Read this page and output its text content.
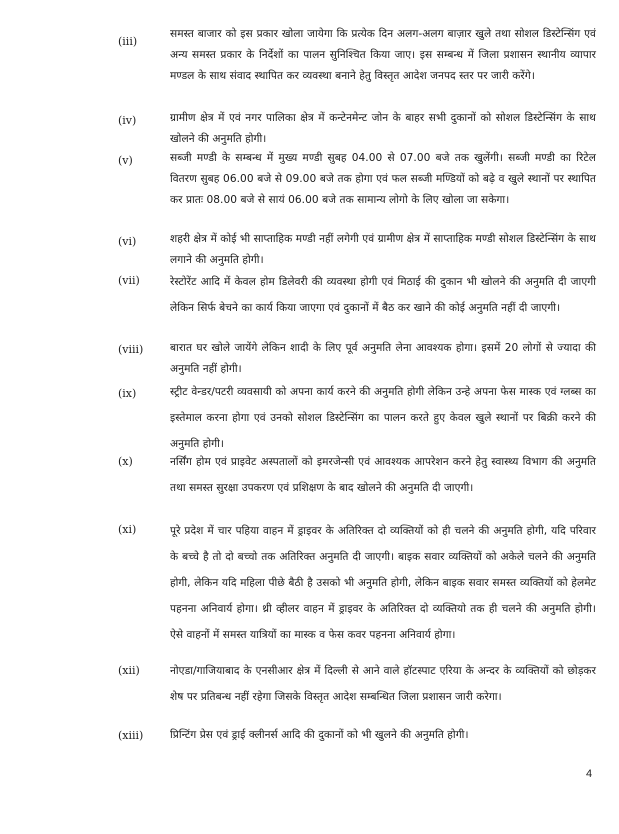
(iii)
समस्त बाजार को इस प्रकार खोला जायेगा कि प्रत्येक दिन अलग-अलग बाज़ार खुले तथा सोशल डिस्टेन्सिंग एवं अन्य समस्त प्रकार के निर्देशों का पालन सुनिश्चित किया जाए। इस सम्बन्ध में जिला प्रशासन स्थानीय व्यापार मण्डल के साथ संवाद स्थापित कर व्यवस्था बनाने हेतु विस्तृत आदेश जनपद स्तर पर जारी करेंगे।
(iv)	ग्रामीण क्षेत्र में एवं नगर पालिका क्षेत्र में कन्टेनमेन्ट जोन के बाहर सभी दुकानों को सोशल डिस्टेन्सिंग के साथ खोलने की अनुमति होगी।
(v)	सब्जी मण्डी के सम्बन्ध में मुख्य मण्डी सुबह 04.00 से 07.00 बजे तक खुलेंगी। सब्जी मण्डी का रिटेल वितरण सुबह 06.00 बजे से 09.00 बजे तक होगा एवं फल सब्जी मण्डियों को बढ़े व खुले स्थानों पर स्थापित कर प्रातः 08.00 बजे से सायं 06.00 बजे तक सामान्य लोगो के लिए खोला जा सकेगा।
(vi)	शहरी क्षेत्र में कोई भी साप्ताहिक मण्डी नहीं लगेगी एवं ग्रामीण क्षेत्र में साप्ताहिक मण्डी सोशल डिस्टेन्सिंग के साथ लगाने की अनुमति होगी।
(vii)	रेस्टोरेंट आदि में केवल होम डिलेवरी की व्यवस्था होगी एवं मिठाई की दुकान भी खोलने की अनुमति दी जाएगी लेकिन सिर्फ बेचने का कार्य किया जाएगा एवं दुकानों में बैठ कर खाने की कोई अनुमति नहीं दी जाएगी।
(viii)	बारात घर खोले जायेंगे लेकिन शादी के लिए पूर्व अनुमति लेना आवश्यक होगा। इसमें 20 लोगों से ज्यादा की अनुमति नहीं होगी।
(ix)	स्ट्रीट वेन्डर/पटरी व्यवसायी को अपना कार्य करने की अनुमति होगी लेकिन उन्हे अपना फेस मास्क एवं ग्लब्स का इस्तेमाल करना होगा एवं उनको सोशल डिस्टेन्सिंग का पालन करते हुए केवल खुले स्थानों पर बिक्री करने की अनुमति होगी।
(x)	नर्सिंग होम एवं प्राइवेट अस्पतालों को इमरजेन्सी एवं आवश्यक आपरेशन करने हेतु स्वास्थ्य विभाग की अनुमति तथा समस्त सुरक्षा उपकरण एवं प्रशिक्षण के बाद खोलने की अनुमति दी जाएगी।
(xi)	पूरे प्रदेश में चार पहिया वाहन में ड्राइवर के अतिरिक्त दो व्यक्तियों को ही चलने की अनुमति होगी, यदि परिवार के बच्चे है तो दो बच्चो तक अतिरिक्त अनुमति दी जाएगी। बाइक सवार व्यक्तियों को अकेले चलने की अनुमति होगी, लेकिन यदि महिला पीछे बैठी है उसको भी अनुमति होगी, लेकिन बाइक सवार समस्त व्यक्तियों को हेलमेट पहनना अनिवार्य होगा। थ्री व्हीलर वाहन में ड्राइवर के अतिरिक्त दो व्यक्तियो तक ही चलने की अनुमति होगी। ऐसे वाहनों में समस्त यात्रियों का मास्क व फेस कवर पहनना अनिवार्य होगा।
(xii)	नोएडा/गाजियाबाद के एनसीआर क्षेत्र में दिल्ली से आने वाले हॉटस्पाट एरिया के अन्दर के व्यक्तियों को छोड़कर शेष पर प्रतिबन्ध नहीं रहेगा जिसके विस्तृत आदेश सम्बन्धित जिला प्रशासन जारी करेगा।
(xiii)	प्रिन्टिंग प्रेस एवं ड्राई क्लीनर्स आदि की दुकानों को भी खुलने की अनुमति होगी।
4
